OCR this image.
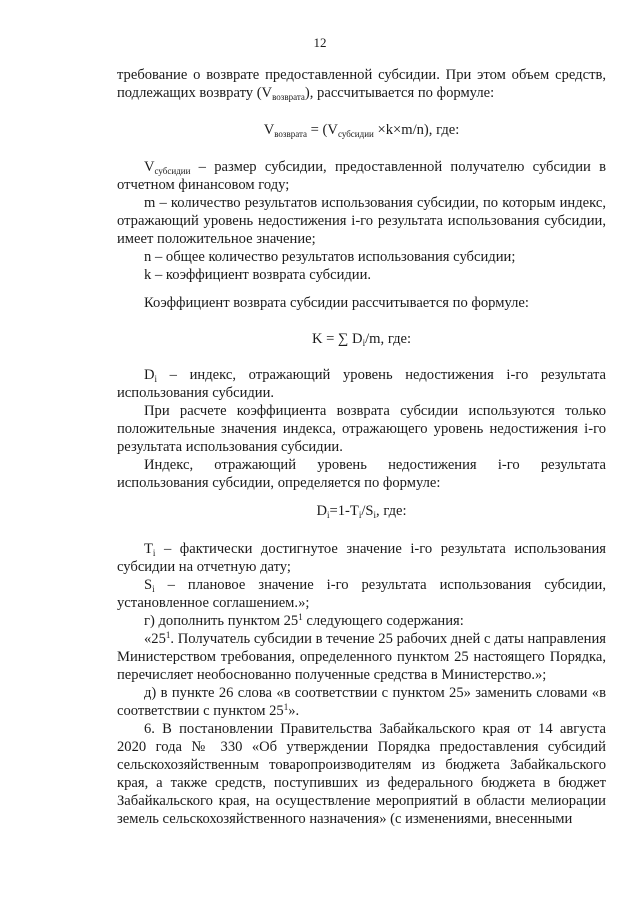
12

требование о возврате предоставленной субсидии. При этом объем средств,

подлежащих возврату $(V_{возврата})$, рассчитывается по формуле:

$V_{возврата} = (V_{субсидии} \times k\times m/n)$, где:

$V_{субсидии}$ – размер субсидии, предоставленной получателю субсидии в отчетном финансовом году;

m – количество результатов использования субсидии, по которым индекс, отражающий уровень недостижения i-го результата использования субсидии, имеет положительное значение;

n – общее количество результатов использования субсидии;

k – коэффициент возврата субсидии.

Коэффициент возврата субсидии рассчитывается по формуле:

K = ∑ $D_i/m$, где:

$D_i$ – индекс, отражающий уровень недостижения i-го результата использования субсидии.

При расчете коэффициента возврата субсидии используются только положительные значения индекса, отражающего уровень недостижения i-го результата использования субсидии.

Индекс, отражающий уровень недостижения i-го результата использования субсидии, определяется по формуле:

$D_i=1-T_i/S_i$, где:

$T_i$ – фактически достигнутое значение i-го результата использования субсидии на отчетную дату;

$S_i$ – плановое значение i-го результата использования субсидии, установленное соглашением.»;

г) дополнить пунктом $25^1$ следующего содержания:

«$25^1$. Получатель субсидии в течение 25 рабочих дней с даты направления Министерством требования, определенного пунктом 25 настоящего Порядка, перечисляет необоснованно полученные средства в Министерство.»;

д) в пункте 26 слова «в соответствии с пунктом 25» заменить словами «в соответствии с пунктом $25^1$».

6. В постановлении Правительства Забайкальского края от 14 августа 2020 года № 330 «Об утверждении Порядка предоставления субсидий сельскохозяйственным товаропроизводителям из бюджета Забайкальского края, а также средств, поступивших из федерального бюджета в бюджет Забайкальского края, на осуществление мероприятий в области мелиорации земель сельскохозяйственного назначения» (с изменениями, внесенными
